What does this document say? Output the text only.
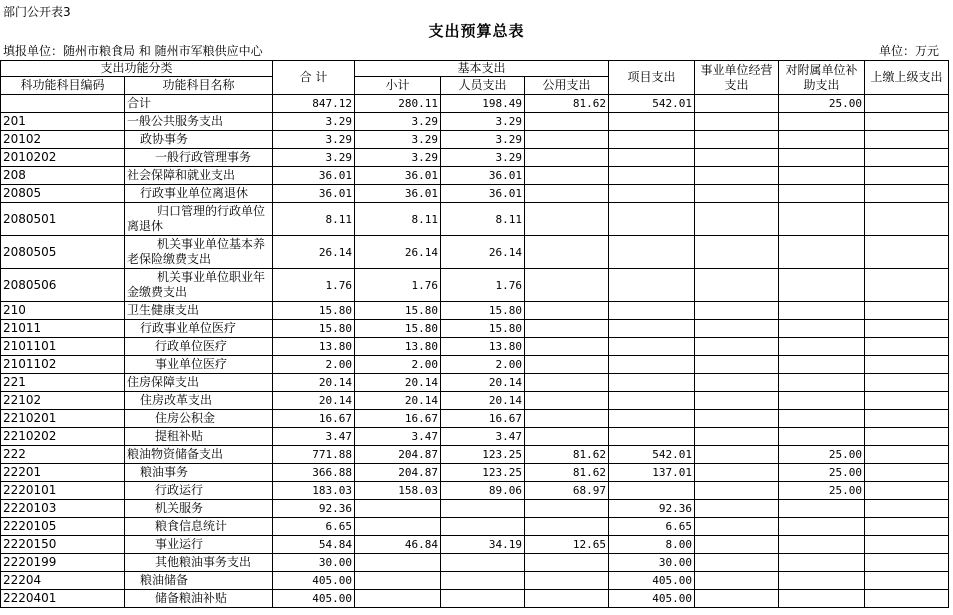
部门公开表3
支出预算总表
填报单位：随州市粮食局 和 随州市军粮供应中心	单位：万元
支出功能分类		合 计	基本支出			项目支出	事业单位经营支出	对附属单位补助支出	上缴上级支出
科功能科目编码	功能科目名称		小计	人员支出	公用支出				
	合计	847.12	280.11	198.49	81.62	542.01		25.00	
201	一般公共服务支出	3.29	3.29	3.29					
20102	政协事务	3.29	3.29	3.29					
2010202	一般行政管理事务	3.29	3.29	3.29					
208	社会保障和就业支出	36.01	36.01	36.01					
20805	行政事业单位离退休	36.01	36.01	36.01					
2080501	归口管理的行政单位离退休	8.11	8.11	8.11					
2080505	机关事业单位基本养老保险缴费支出	26.14	26.14	26.14					
2080506	机关事业单位职业年金缴费支出	1.76	1.76	1.76					
210	卫生健康支出	15.80	15.80	15.80					
21011	行政事业单位医疗	15.80	15.80	15.80					
2101101	行政单位医疗	13.80	13.80	13.80					
2101102	事业单位医疗	2.00	2.00	2.00					
221	住房保障支出	20.14	20.14	20.14					
22102	住房改革支出	20.14	20.14	20.14					
2210201	住房公积金	16.67	16.67	16.67					
2210202	提租补贴	3.47	3.47	3.47					
222	粮油物资储备支出	771.88	204.87	123.25	81.62	542.01		25.00	
22201	粮油事务	366.88	204.87	123.25	81.62	137.01		25.00	
2220101	行政运行	183.03	158.03	89.06	68.97			25.00	
2220103	机关服务	92.36				92.36			
2220105	粮食信息统计	6.65				6.65			
2220150	事业运行	54.84	46.84	34.19	12.65	8.00			
2220199	其他粮油事务支出	30.00				30.00			
22204	粮油储备	405.00				405.00			
2220401	储备粮油补贴	405.00				405.00			
